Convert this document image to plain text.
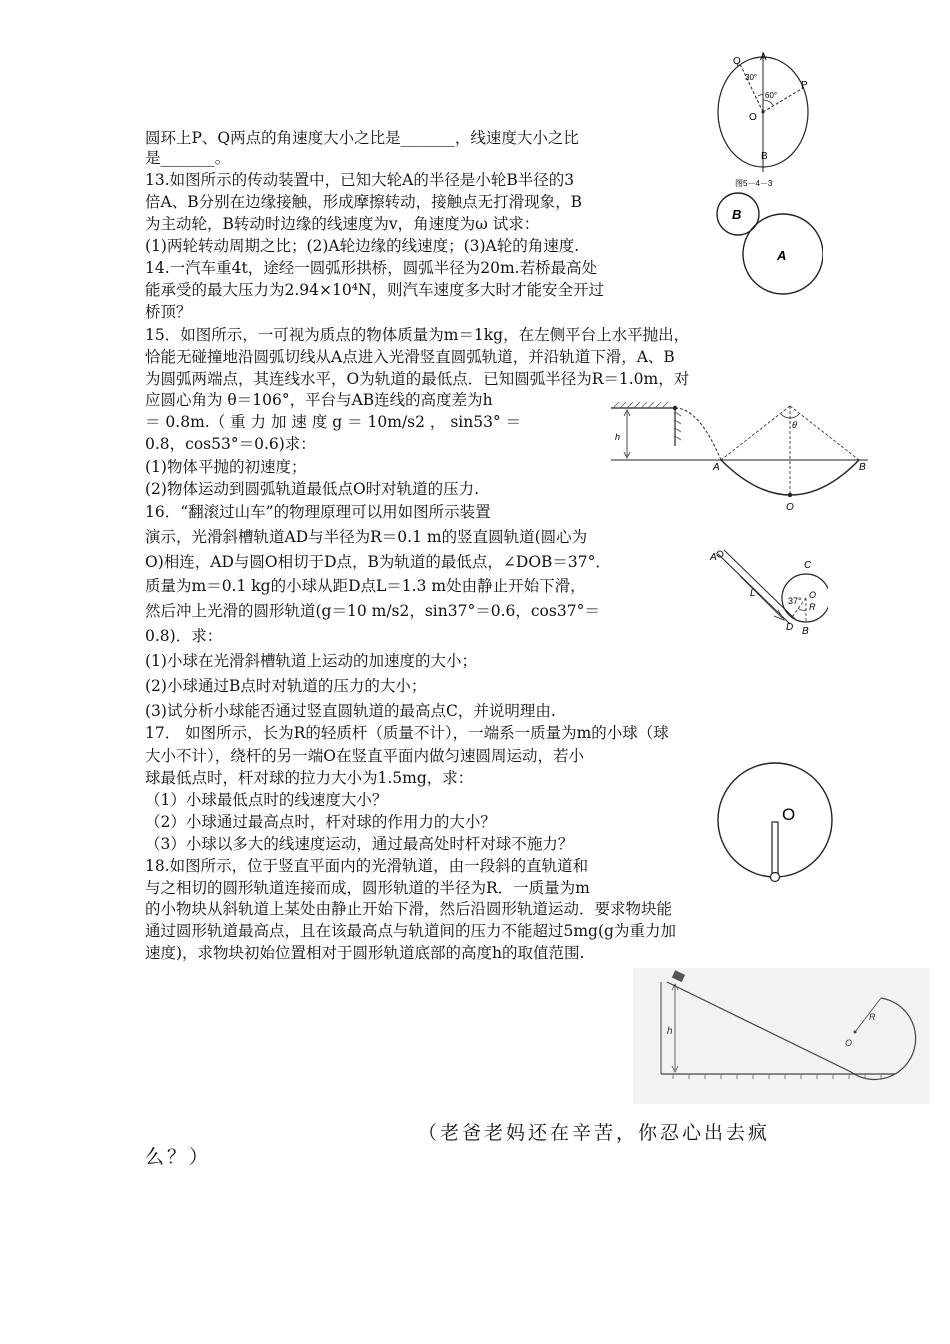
圆环上P、Q两点的角速度大小之比是_______，线速度大小之比
是_______。
13.如图所示的传动装置中，已知大轮A的半径是小轮B半径的3
倍A、B分别在边缘接触，形成摩擦转动，接触点无打滑现象，B
为主动轮，B转动时边缘的线速度为v，角速度为ω 试求：
(1)两轮转动周期之比；(2)A轮边缘的线速度；(3)A轮的角速度.
14.一汽车重4t，途经一圆弧形拱桥，圆弧半径为20m.若桥最高处
能承受的最大压力为2.94×10⁴N，则汽车速度多大时才能安全开过
桥顶？
15．如图所示，一可视为质点的物体质量为m＝1kg，在左侧平台上水平抛出，
恰能无碰撞地沿圆弧切线从A点进入光滑竖直圆弧轨道，并沿轨道下滑，A、B
为圆弧两端点，其连线水平，O为轨道的最低点．已知圆弧半径为R＝1.0m，对
应圆心角为 θ＝106°，平台与AB连线的高度差为h
＝ 0.8m.（ 重 力 加 速 度 g ＝ 10m/s2 ， sin53° ＝
0.8，cos53°＝0.6)求：
(1)物体平抛的初速度；
(2)物体运动到圆弧轨道最低点O时对轨道的压力.
16．“翻滚过山车”的物理原理可以用如图所示装置
演示，光滑斜槽轨道AD与半径为R＝0.1 m的竖直圆轨道(圆心为
O)相连，AD与圆O相切于D点，B为轨道的最低点，∠DOB＝37°．
质量为m＝0.1 kg的小球从距D点L＝1.3 m处由静止开始下滑，
然后冲上光滑的圆形轨道(g＝10 m/s2，sin37°＝0.6，cos37°＝
0.8)．求：
(1)小球在光滑斜槽轨道上运动的加速度的大小；
(2)小球通过B点时对轨道的压力的大小；
(3)试分析小球能否通过竖直圆轨道的最高点C，并说明理由.
17． 如图所示，长为R的轻质杆（质量不计），一端系一质量为m的小球（球
大小不计），绕杆的另一端O在竖直平面内做匀速圆周运动，若小
球最低点时，杆对球的拉力大小为1.5mg，求：
（1）小球最低点时的线速度大小？
（2）小球通过最高点时，杆对球的作用力的大小？
（3）小球以多大的线速度运动，通过最高处时杆对球不施力？
18.如图所示，位于竖直平面内的光滑轨道，由一段斜的直轨道和
与之相切的圆形轨道连接而成，圆形轨道的半径为R．一质量为m
的小物块从斜轨道上某处由静止开始下滑，然后沿圆形轨道运动．要求物块能
通过圆形轨道最高点，且在该最高点与轨道间的压力不能超过5mg(g为重力加
速度)，求物块初始位置相对于圆形轨道底部的高度h的取值范围.
A
Q
P
O
B
30°
60°
图5－4－3
B
A
h
A	B
O
θ
A
L
C
O
R
D B
37°
O
h
R
O
（老爸老妈还在辛苦，你忍心出去疯
么？）
